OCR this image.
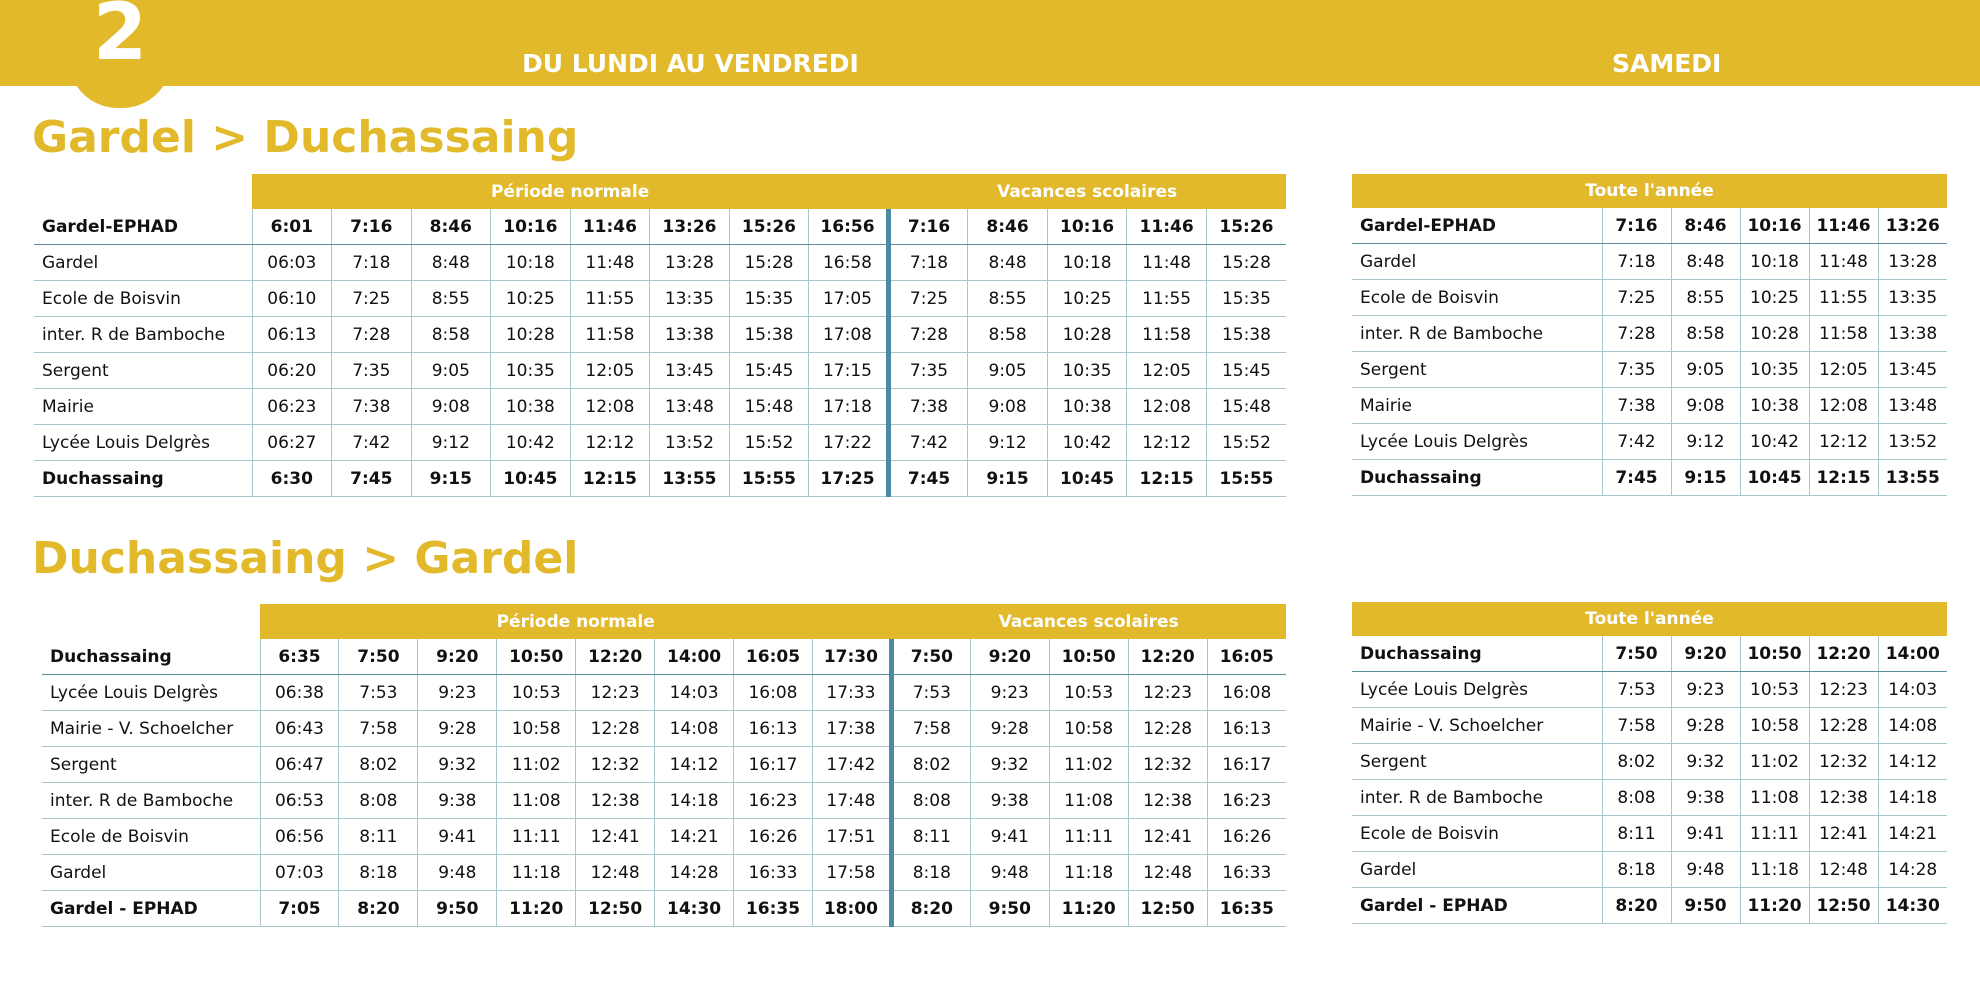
2	DU LUNDI AU VENDREDI	SAMEDI
Gardel > Duchassaing
Duchassaing > Gardel
	Période normale								Vacances scolaires				
Gardel-EPHAD	6:01	7:16	8:46	10:16	11:46	13:26	15:26	16:56	7:16	8:46	10:16	11:46	15:26
Gardel	06:03	7:18	8:48	10:18	11:48	13:28	15:28	16:58	7:18	8:48	10:18	11:48	15:28
Ecole de Boisvin	06:10	7:25	8:55	10:25	11:55	13:35	15:35	17:05	7:25	8:55	10:25	11:55	15:35
inter. R de Bamboche	06:13	7:28	8:58	10:28	11:58	13:38	15:38	17:08	7:28	8:58	10:28	11:58	15:38
Sergent	06:20	7:35	9:05	10:35	12:05	13:45	15:45	17:15	7:35	9:05	10:35	12:05	15:45
Mairie	06:23	7:38	9:08	10:38	12:08	13:48	15:48	17:18	7:38	9:08	10:38	12:08	15:48
Lycée Louis Delgrès	06:27	7:42	9:12	10:42	12:12	13:52	15:52	17:22	7:42	9:12	10:42	12:12	15:52
Duchassaing	6:30	7:45	9:15	10:45	12:15	13:55	15:55	17:25	7:45	9:15	10:45	12:15	15:55
Toute l'année					
Gardel-EPHAD	7:16	8:46	10:16	11:46	13:26
Gardel	7:18	8:48	10:18	11:48	13:28
Ecole de Boisvin	7:25	8:55	10:25	11:55	13:35
inter. R de Bamboche	7:28	8:58	10:28	11:58	13:38
Sergent	7:35	9:05	10:35	12:05	13:45
Mairie	7:38	9:08	10:38	12:08	13:48
Lycée Louis Delgrès	7:42	9:12	10:42	12:12	13:52
Duchassaing	7:45	9:15	10:45	12:15	13:55
	Période normale								Vacances scolaires				
Duchassaing	6:35	7:50	9:20	10:50	12:20	14:00	16:05	17:30	7:50	9:20	10:50	12:20	16:05
Lycée Louis Delgrès	06:38	7:53	9:23	10:53	12:23	14:03	16:08	17:33	7:53	9:23	10:53	12:23	16:08
Mairie - V. Schoelcher	06:43	7:58	9:28	10:58	12:28	14:08	16:13	17:38	7:58	9:28	10:58	12:28	16:13
Sergent	06:47	8:02	9:32	11:02	12:32	14:12	16:17	17:42	8:02	9:32	11:02	12:32	16:17
inter. R de Bamboche	06:53	8:08	9:38	11:08	12:38	14:18	16:23	17:48	8:08	9:38	11:08	12:38	16:23
Ecole de Boisvin	06:56	8:11	9:41	11:11	12:41	14:21	16:26	17:51	8:11	9:41	11:11	12:41	16:26
Gardel	07:03	8:18	9:48	11:18	12:48	14:28	16:33	17:58	8:18	9:48	11:18	12:48	16:33
Gardel - EPHAD	7:05	8:20	9:50	11:20	12:50	14:30	16:35	18:00	8:20	9:50	11:20	12:50	16:35
Toute l'année					
Duchassaing	7:50	9:20	10:50	12:20	14:00
Lycée Louis Delgrès	7:53	9:23	10:53	12:23	14:03
Mairie - V. Schoelcher	7:58	9:28	10:58	12:28	14:08
Sergent	8:02	9:32	11:02	12:32	14:12
inter. R de Bamboche	8:08	9:38	11:08	12:38	14:18
Ecole de Boisvin	8:11	9:41	11:11	12:41	14:21
Gardel	8:18	9:48	11:18	12:48	14:28
Gardel - EPHAD	8:20	9:50	11:20	12:50	14:30
